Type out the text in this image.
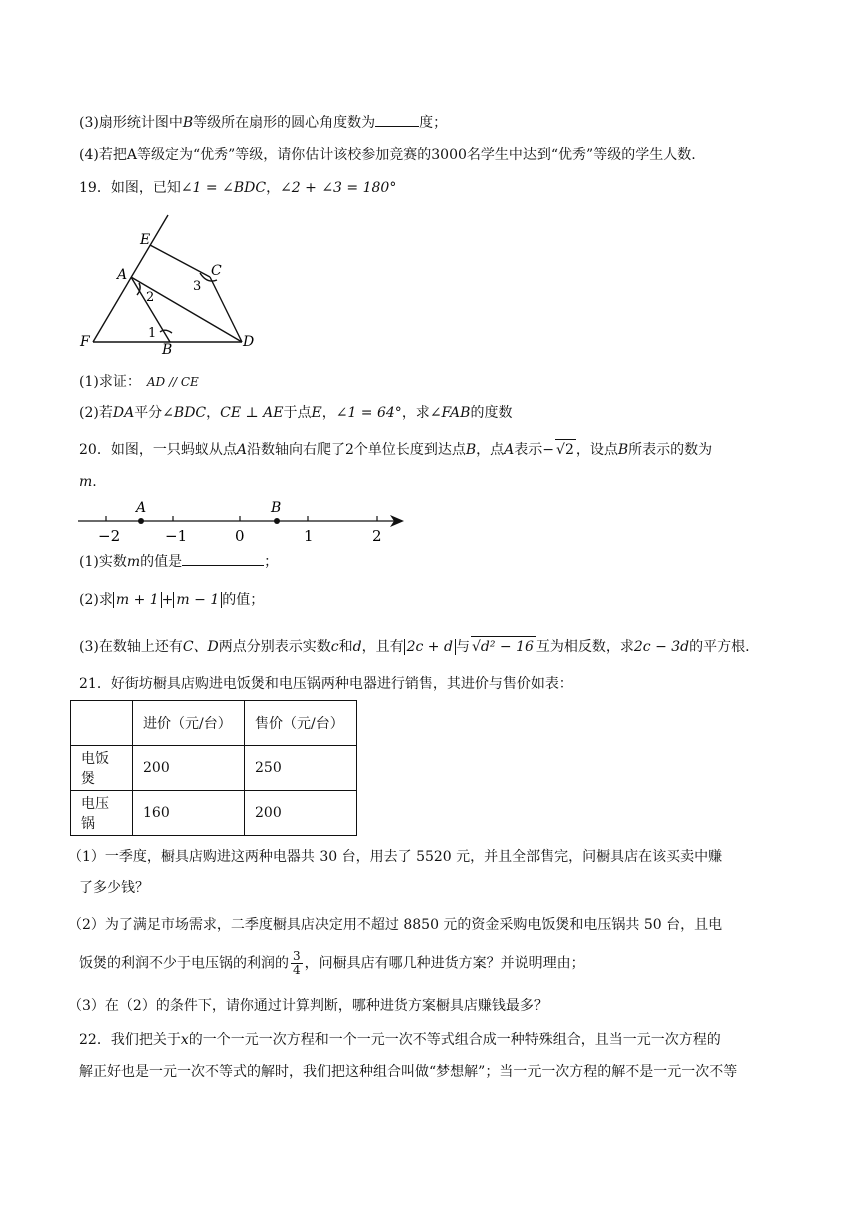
(3)扇形统计图中B等级所在扇形的圆心角度数为	度；
(4)若把A等级定为“优秀”等级，请你估计该校参加竞赛的3000名学生中达到“优秀”等级的学生人数.
19．如图，已知∠1 = ∠BDC，∠2 + ∠3 = 180°
E
A	C
F	B	D
1
2
3
(1)求证： AD // CE
(2)若DA平分∠BDC，CE ⊥ AE于点E，∠1 = 64°，求∠FAB的度数
20．如图，一只蚂蚁从点A沿数轴向右爬了2个单位长度到达点B，点A表示− √2 ，设点B所表示的数为
m.
−2	−1	0	1	2
A	B
(1)实数m的值是	；
(2)求 m + 1 + m − 1 的值；
(3)在数轴上还有C、D两点分别表示实数c和d，且有 2c + d 与 √d² − 16 互为相反数，求2c − 3d的平方根.
21．好街坊橱具店购进电饭煲和电压锅两种电器进行销售，其进价与售价如表：
	进价（元/台）	售价（元/台）
电饭煲	200	250
电压锅	160	200
（1）一季度，橱具店购进这两种电器共 30 台，用去了 5520 元，并且全部售完，问橱具店在该买卖中赚
了多少钱？
（2）为了满足市场需求，二季度橱具店决定用不超过 8850 元的资金采购电饭煲和电压锅共 50 台，且电
饭煲的利润不少于电压锅的利润的 $\frac{3}{4}$ ，问橱具店有哪几种进货方案？并说明理由；
（3）在（2）的条件下，请你通过计算判断，哪种进货方案橱具店赚钱最多？
22．我们把关于x的一个一元一次方程和一个一元一次不等式组合成一种特殊组合，且当一元一次方程的
解正好也是一元一次不等式的解时，我们把这种组合叫做“梦想解”；当一元一次方程的解不是一元一次不等
